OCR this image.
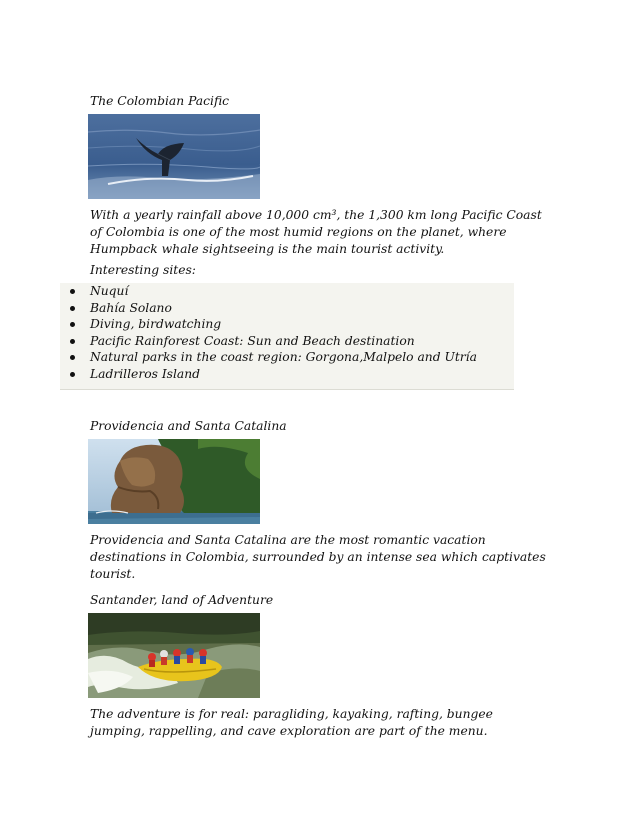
The Colombian Pacific

With a yearly rainfall above 10,000 cm³, the 1,300 km long Pacific Coast of Colombia is one of the most humid regions on the planet, where Humpback whale sightseeing is the main tourist activity.

Interesting sites:

Nuquí
Bahía Solano
Diving, birdwatching
Pacific Rainforest Coast: Sun and Beach destination
Natural parks in the coast region: Gorgona,Malpelo and Utría
Ladrilleros Island

Providencia and Santa Catalina

Providencia and Santa Catalina are the most romantic vacation destinations in Colombia, surrounded by an intense sea which captivates tourist.

Santander, land of Adventure

The adventure is for real: paragliding, kayaking, rafting, bungee jumping, rappelling, and cave exploration are part of the menu.
